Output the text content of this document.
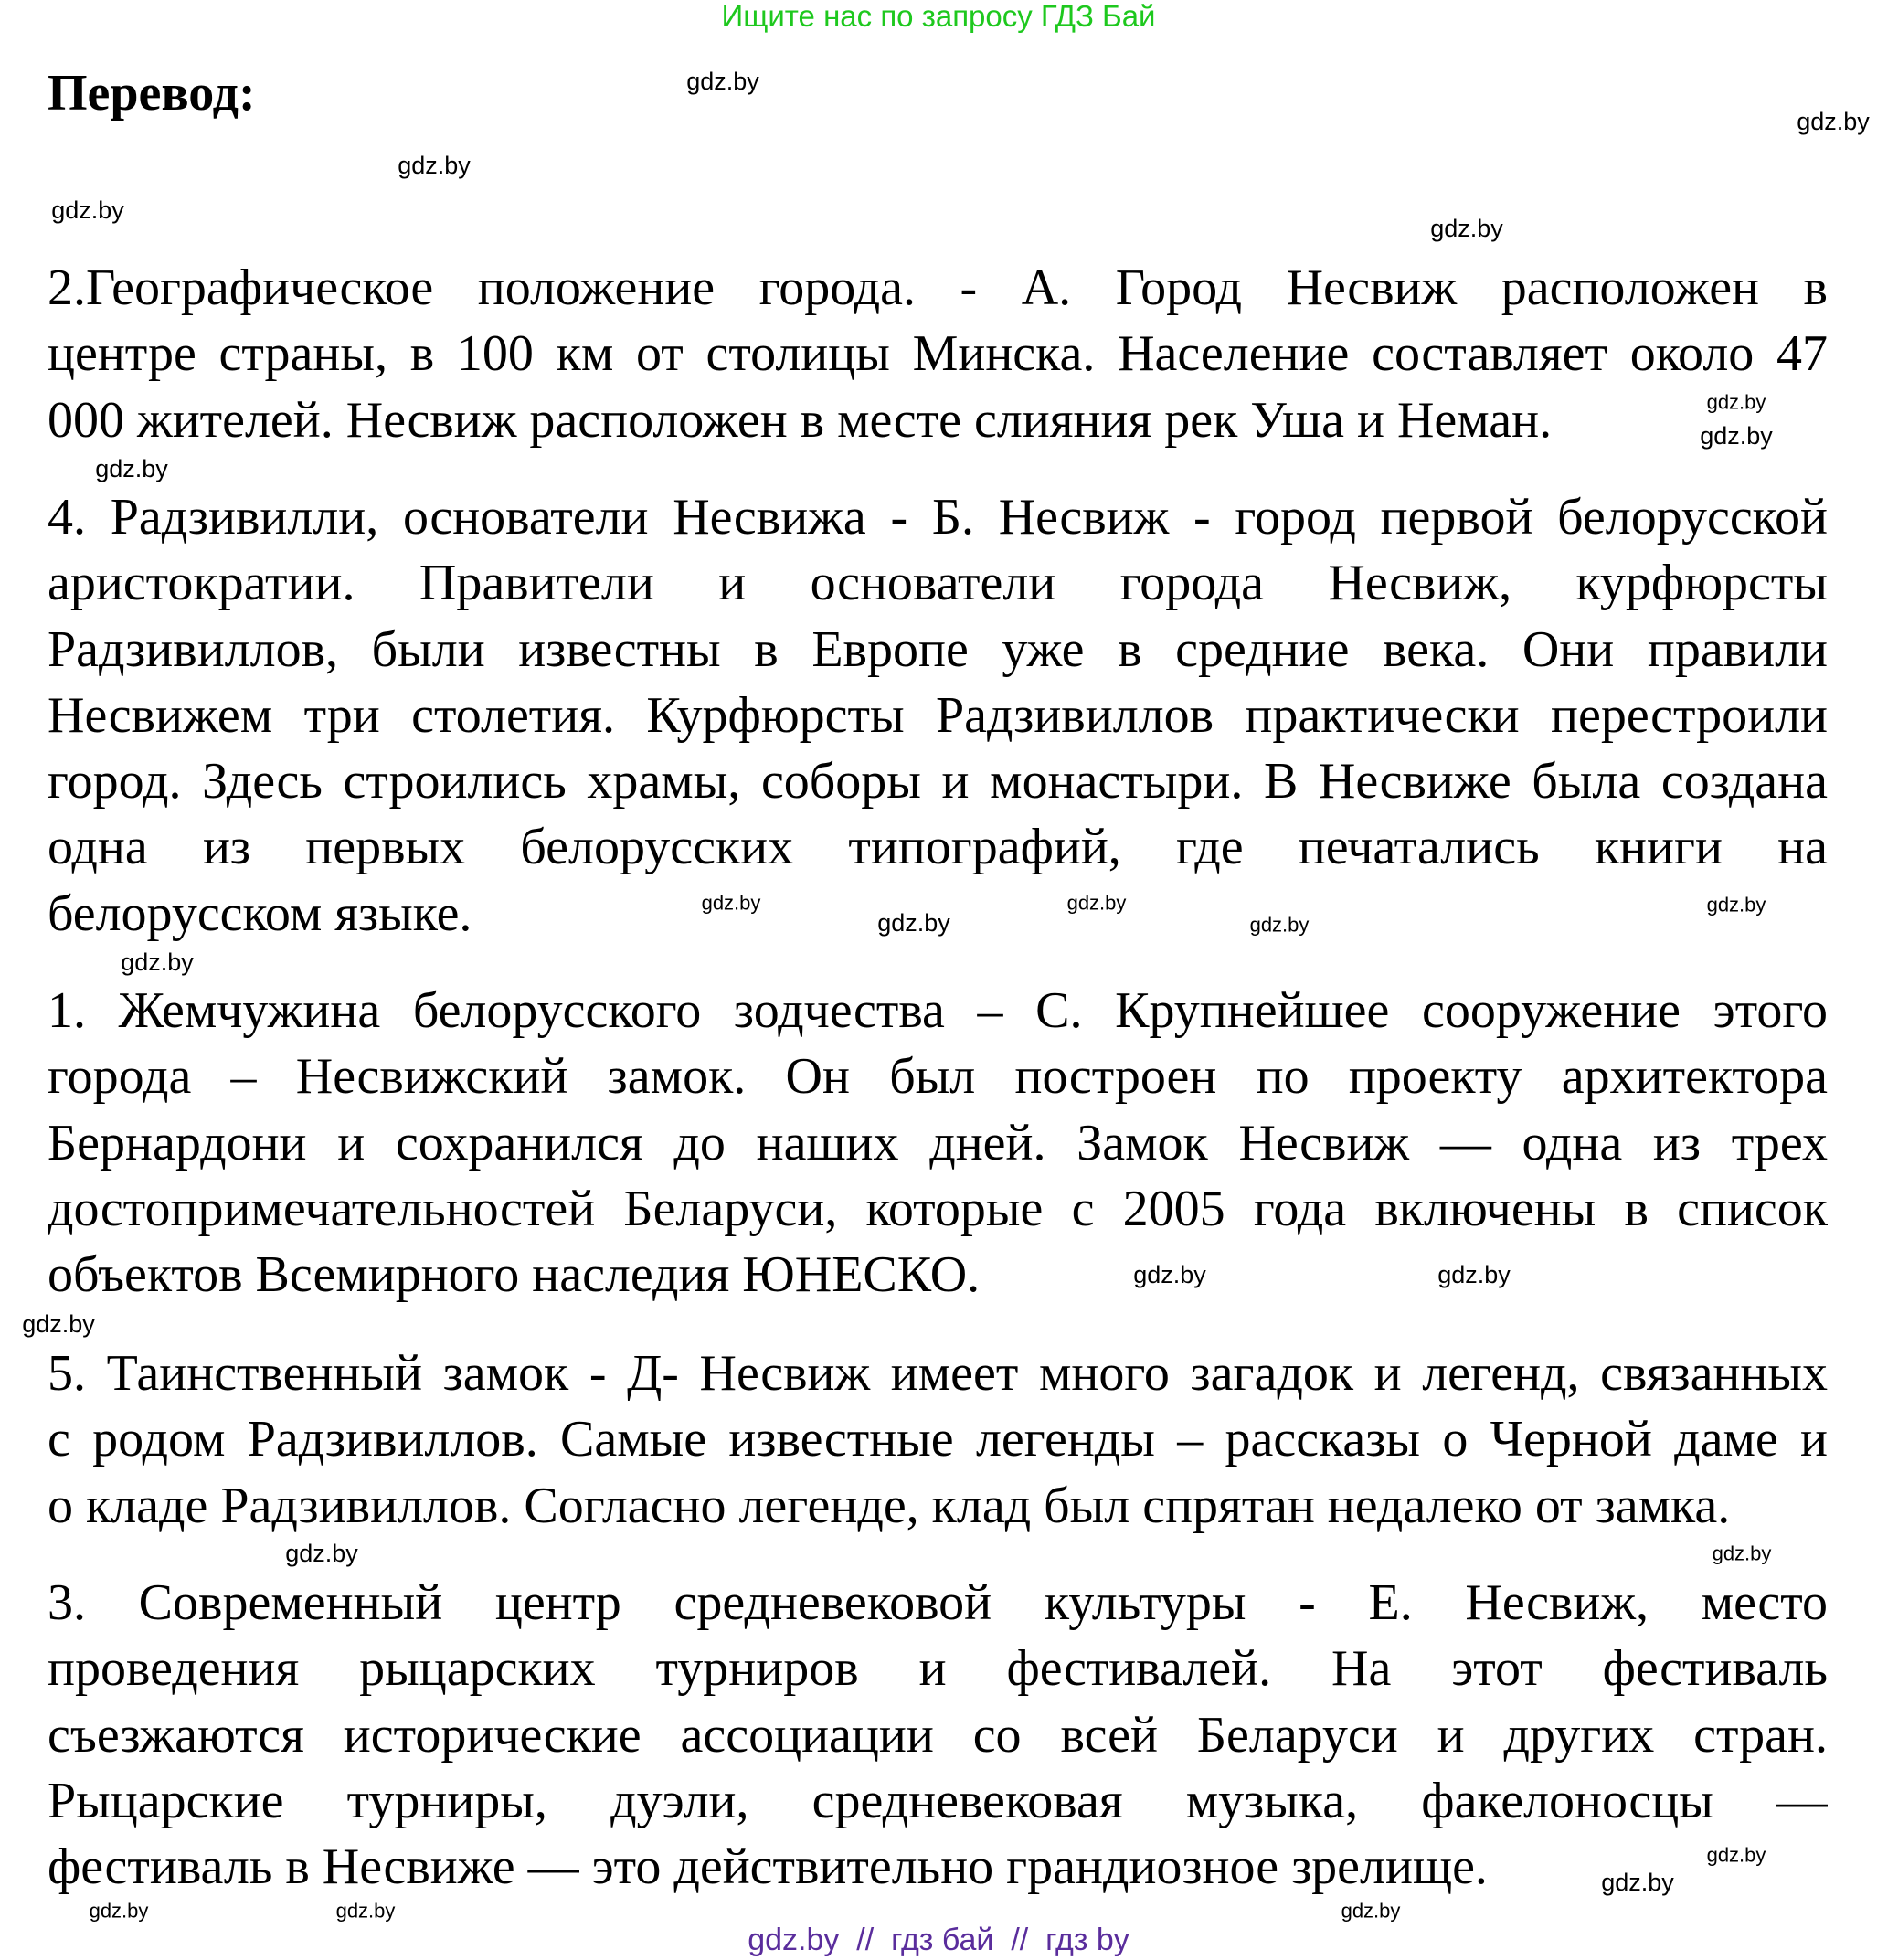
Ищите нас по запросу ГДЗ Бай
Перевод:
2.Географическое положение города. - А. Город Несвиж расположен в
центре страны, в 100 км от столицы Минска. Население составляет около 47
000 жителей. Несвиж расположен в месте слияния рек Уша и Неман.
4. Радзивилли, основатели Несвижа - Б. Несвиж - город первой белорусской
аристократии. Правители и основатели города Несвиж, курфюрсты
Радзивиллов, были известны в Европе уже в средние века. Они правили
Несвижем три столетия. Курфюрсты Радзивиллов практически перестроили
город. Здесь строились храмы, соборы и монастыри. В Несвиже была создана
одна из первых белорусских типографий, где печатались книги на
белорусском языке.
1. Жемчужина белорусского зодчества – С. Крупнейшее сооружение этого
города – Несвижский замок. Он был построен по проекту архитектора
Бернардони и сохранился до наших дней. Замок Несвиж — одна из трех
достопримечательностей Беларуси, которые с 2005 года включены в список
объектов Всемирного наследия ЮНЕСКО.
5. Таинственный замок - Д- Несвиж имеет много загадок и легенд, связанных
с родом Радзивиллов. Самые известные легенды – рассказы о Черной даме и
о кладе Радзивиллов. Согласно легенде, клад был спрятан недалеко от замка.
3. Современный центр средневековой культуры - Е. Несвиж, место
проведения рыцарских турниров и фестивалей. На этот фестиваль
съезжаются исторические ассоциации со всей Беларуси и других стран.
Рыцарские турниры, дуэли, средневековая музыка, факелоносцы —
фестиваль в Несвиже — это действительно грандиозное зрелище.
gdz.by
gdz.by
gdz.by
gdz.by
gdz.by
gdz.by
gdz.by
gdz.by
gdz.by	gdz.by
gdz.by
gdz.by
gdz.by
gdz.by
gdz.by
gdz.by
gdz.by
gdz.by
gdz.by
gdz.by
gdz.by
gdz.by	gdz.by
gdz.by
gdz.by  //  гдз бай  //  гдз by
